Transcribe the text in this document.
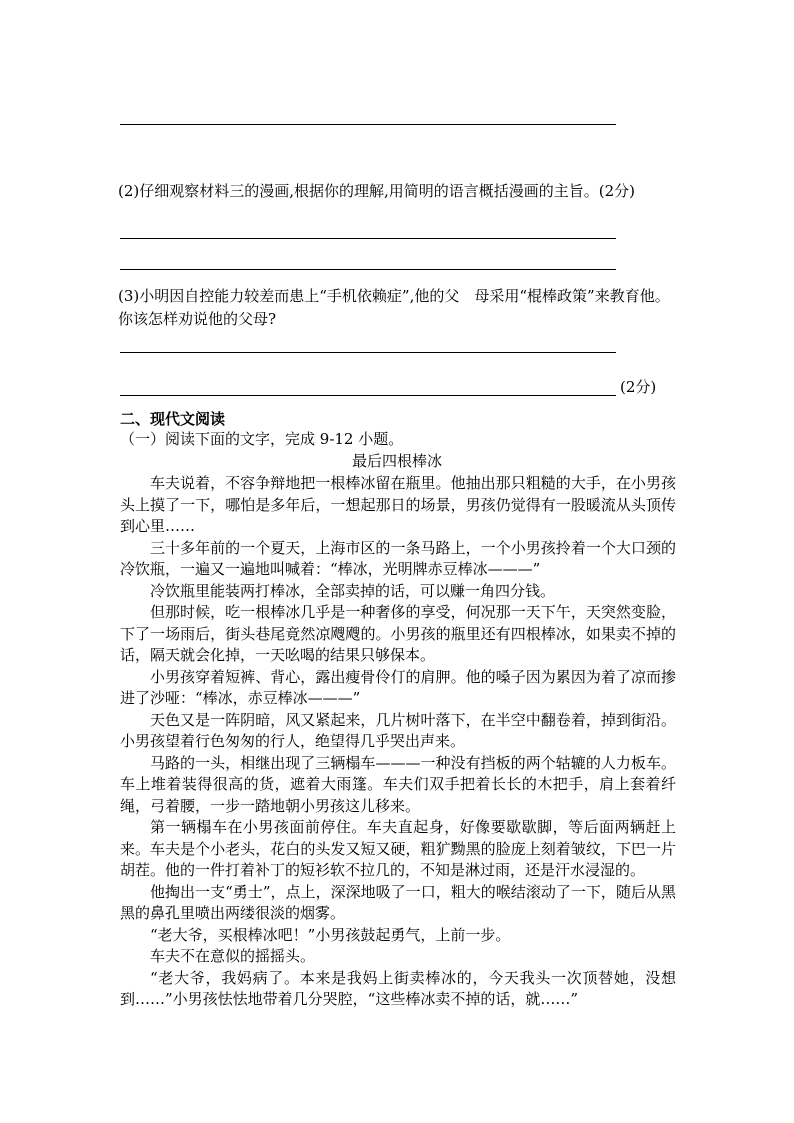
(2)仔细观察材料三的漫画,根据你的理解,用简明的语言概括漫画的主旨。(2分)
(3)小明因自控能力较差而患上“手机依赖症”,他的父　母采用“棍棒政策”来教育他。你该怎样劝说他的父母?
(2分)
二、现代文阅读
（一）阅读下面的文字，完成 9-12 小题。
最后四根棒冰

车夫说着，不容争辩地把一根棒冰留在瓶里。他抽出那只粗糙的大手，在小男孩头上摸了一下，哪怕是多年后，一想起那日的场景，男孩仍觉得有一股暖流从头顶传到心里……

三十多年前的一个夏天，上海市区的一条马路上，一个小男孩拎着一个大口颈的冷饮瓶，一遍又一遍地叫喊着：“棒冰，光明牌赤豆棒冰———”

冷饮瓶里能装两打棒冰，全部卖掉的话，可以赚一角四分钱。

但那时候，吃一根棒冰几乎是一种奢侈的享受，何况那一天下午，天突然变脸，下了一场雨后，街头巷尾竟然凉飕飕的。小男孩的瓶里还有四根棒冰，如果卖不掉的话，隔天就会化掉，一天吆喝的结果只够保本。

小男孩穿着短裤、背心，露出瘦骨伶仃的肩胛。他的嗓子因为累因为着了凉而掺进了沙哑：“棒冰，赤豆棒冰———”

天色又是一阵阴暗，风又紧起来，几片树叶落下，在半空中翻卷着，掉到街沿。小男孩望着行色匆匆的行人，绝望得几乎哭出声来。

马路的一头，相继出现了三辆榻车———一种没有挡板的两个轱辘的人力板车。车上堆着装得很高的货，遮着大雨篷。车夫们双手把着长长的木把手，肩上套着纤绳，弓着腰，一步一踏地朝小男孩这儿移来。

第一辆榻车在小男孩面前停住。车夫直起身，好像要歇歇脚，等后面两辆赶上来。车夫是个小老头，花白的头发又短又硬，粗犷黝黑的脸庞上刻着皱纹，下巴一片胡茬。他的一件打着补丁的短衫软不拉几的，不知是淋过雨，还是汗水浸湿的。

他掏出一支“勇士”，点上，深深地吸了一口，粗大的喉结滚动了一下，随后从黑黑的鼻孔里喷出两缕很淡的烟雾。

“老大爷，买根棒冰吧！”小男孩鼓起勇气，上前一步。

车夫不在意似的摇摇头。

“老大爷，我妈病了。本来是我妈上街卖棒冰的，今天我头一次顶替她，没想到……”小男孩怯怯地带着几分哭腔，“这些棒冰卖不掉的话，就……”
